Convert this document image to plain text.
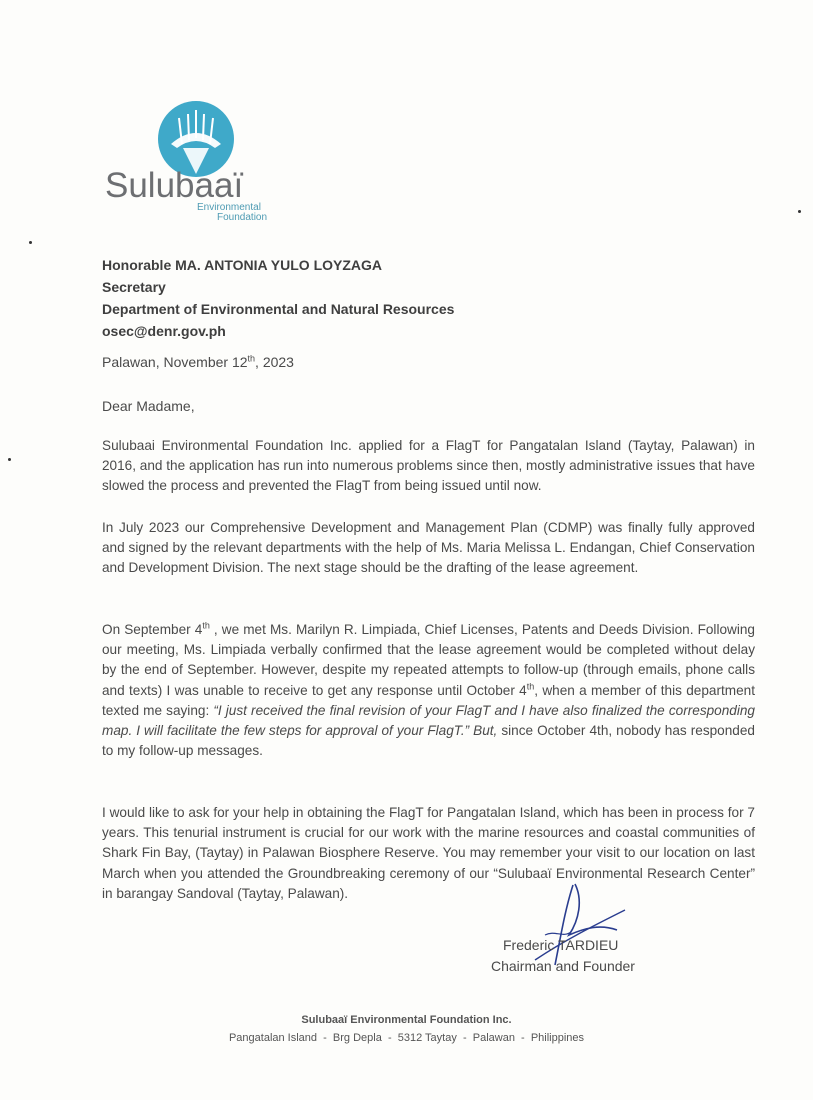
Sulubaaï
Environmental
Foundation
Honorable MA. ANTONIA YULO LOYZAGA
Secretary
Department of Environmental and Natural Resources
osec@denr.gov.ph
Palawan, November 12th, 2023
Dear Madame,
Sulubaai Environmental Foundation Inc. applied for a FlagT for Pangatalan Island (Taytay, Palawan) in 2016, and the application has run into numerous problems since then, mostly administrative issues that have slowed the process and prevented the FlagT from being issued until now.
In July 2023 our Comprehensive Development and Management Plan (CDMP) was finally fully approved and signed by the relevant departments with the help of Ms. Maria Melissa L. Endangan, Chief Conservation and Development Division. The next stage should be the drafting of the lease agreement.
On September 4th , we met Ms. Marilyn R. Limpiada, Chief Licenses, Patents and Deeds Division. Following our meeting, Ms. Limpiada verbally confirmed that the lease agreement would be completed without delay by the end of September. However, despite my repeated attempts to follow-up (through emails, phone calls and texts) I was unable to receive to get any response until October 4th, when a member of this department texted me saying: “I just received the final revision of your FlagT and I have also finalized the corresponding map. I will facilitate the few steps for approval of your FlagT.” But, since October 4th, nobody has responded to my follow-up messages.
I would like to ask for your help in obtaining the FlagT for Pangatalan Island, which has been in process for 7 years. This tenurial instrument is crucial for our work with the marine resources and coastal communities of Shark Fin Bay, (Taytay) in Palawan Biosphere Reserve. You may remember your visit to our location on last March when you attended the Groundbreaking ceremony of our “Sulubaaï Environmental Research Center” in barangay Sandoval (Taytay, Palawan).
Frederic TARDIEU
Chairman and Founder
Sulubaaï Environmental Foundation Inc.
Pangatalan Island  -  Brg Depla  -  5312 Taytay  -  Palawan  -  Philippines
